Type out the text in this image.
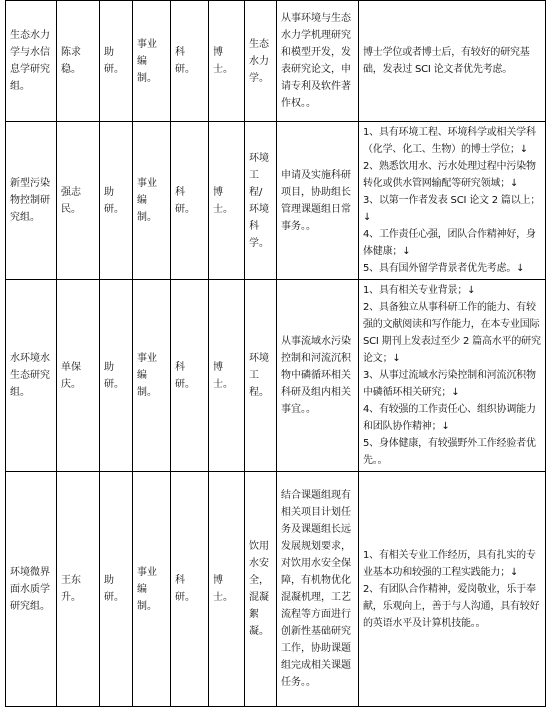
生态水力学与水信息学研究组。	陈求稳。	助研。	事业编制。	科研。	博士。	生态水力学。	从事环境与生态水力学机理研究和模型开发，发表研究论文，申请专利及软件著作权。。	博士学位或者博士后，有较好的研究基础，发表过 SCI 论文者优先考虑。

新型污染物控制研究组。	强志民。	助研。	事业编制。	科研。	博士。	环境工程/环境科学。	申请及实施科研项目，协助组长管理课题组日常事务。。	1、具有环境工程、环境科学或相关学科（化学、化工、生物）的博士学位；↓
2、熟悉饮用水、污水处理过程中污染物转化或供水管网输配等研究领域；↓
3、以第一作者发表 SCI 论文 2 篇以上；↓
4、工作责任心强，团队合作精神好，身体健康；↓
5、具有国外留学背景者优先考虑。↓

水环境水生态研究组。	单保庆。	助研。	事业编制。	科研。	博士。	环境工程。	从事流域水污染控制和河流沉积物中磷循环相关科研及组内相关事宜。。	1、具有相关专业背景；↓
2、具备独立从事科研工作的能力、有较强的文献阅读和写作能力，在本专业国际 SCI 期刊上发表过至少 2 篇高水平的研究论文；↓
3、从事过流域水污染控制和河流沉积物中磷循环相关研究；↓
4、有较强的工作责任心、组织协调能力和团队协作精神；↓
5、身体健康，有较强野外工作经验者优先。。

环境微界面水质学研究组。	王东升。	助研。	事业编制。	科研。	博士。	饮用水安全，混凝絮凝。	结合课题组现有相关项目计划任务及课题组长远发展规划要求，对饮用水安全保障，有机物优化混凝机理，工艺流程等方面进行创新性基础研究工作，协助课题组完成相关课题任务。。	1、有相关专业工作经历，具有扎实的专业基本功和较强的工程实践能力；↓
2、有团队合作精神，爱岗敬业，乐于奉献，乐观向上，善于与人沟通，具有较好的英语水平及计算机技能。。
